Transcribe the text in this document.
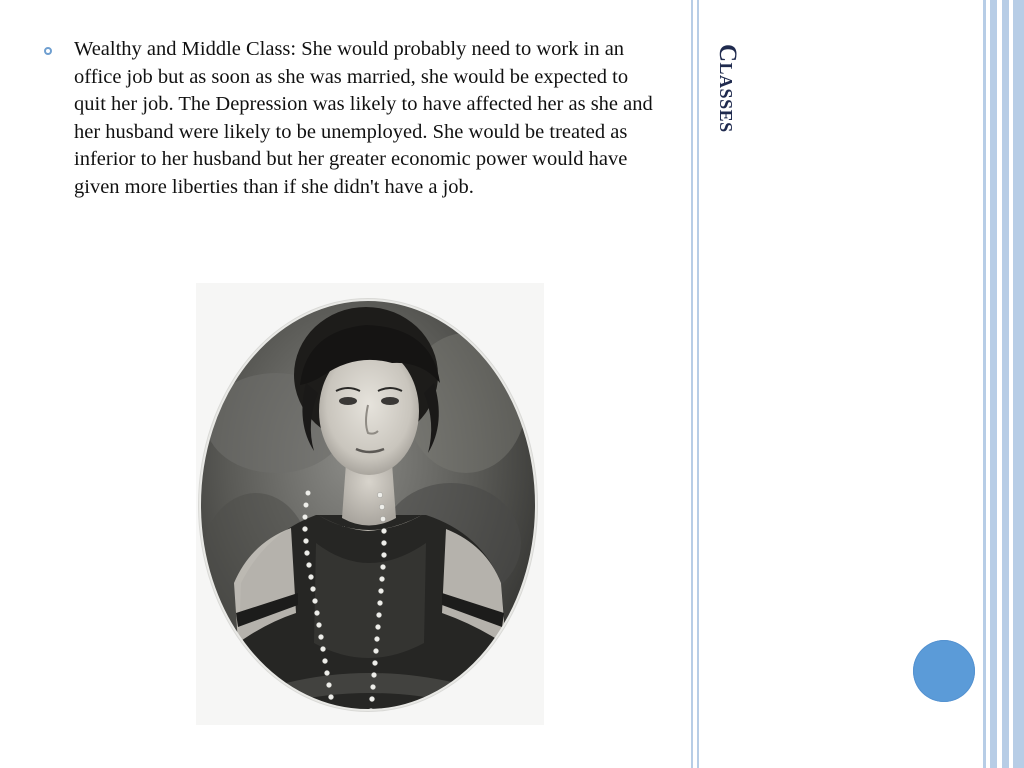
Wealthy and Middle Class: She would probably need to work in an office job but as soon as she was married, she would be expected to quit her job. The Depression was likely to have affected her as she and her husband were likely to be unemployed. She would be treated as inferior to her husband but her greater economic power would have given more liberties than if she didn't have a job.
Classes
